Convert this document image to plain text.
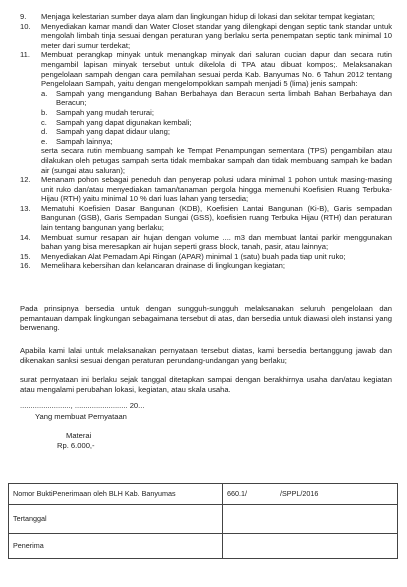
9.	Menjaga kelestarian sumber daya alam dan lingkungan hidup di lokasi dan sekitar tempat kegiatan;
10.	Menyediakan kamar mandi dan Water Closet standar yang dilengkapi dengan septic tank standar untuk mengolah limbah tinja sesuai dengan peraturan yang berlaku serta penempatan septic tank minimal 10 meter dari sumur terdekat;
11.	Membuat perangkap minyak untuk menangkap minyak dari saluran cucian dapur dan secara rutin mengambil lapisan minyak tersebut untuk dikelola di TPA atau dibuat kompos;. Melaksanakan pengelolaan sampah dengan cara pemilahan sesuai perda Kab. Banyumas No. 6 Tahun 2012 tentang Pengelolaan Sampah, yaitu dengan mengelompokkan sampah menjadi 5 (lima) jenis sampah:
a.	Sampah yang mengandung Bahan Berbahaya dan Beracun serta limbah Bahan Berbahaya dan Beracun;
b.	Sampah yang mudah terurai;
c.	Sampah yang dapat digunakan kembali;
d.	Sampah yang dapat didaur ulang;
e.	Sampah lainnya;
serta secara rutin membuang sampah ke Tempat Penampungan sementara (TPS) pengambilan atau dilakukan oleh petugas sampah serta tidak membakar sampah dan tidak membuang sampah ke badan air (sungai atau saluran);
12.	Menanam pohon sebagai peneduh dan penyerap polusi udara minimal 1 pohon untuk masing-masing unit ruko dan/atau menyediakan taman/tanaman pergola hingga memenuhi Koefisien Ruang Terbuka-Hijau (RTH) yaitu minimal 10 % dari luas lahan yang tersedia;
13.	Mematuhi Koefisien Dasar Bangunan (KDB), Koefisien Lantai Bangunan (Ki-B), Garis sempadan Bangunan (GSB), Garis Sempadan Sungai (GSS), koefisien ruang Terbuka Hijau (RTH) dan peraturan lain tentang bangunan yang berlaku;
14.	Membuat sumur resapan air hujan dengan volume .... m3 dan membuat lantai parkir menggunakan bahan yang bisa meresapkan air hujan seperti grass block, tanah, pasir, atau lainnya;
15.	Menyediakan Alat Pemadam Api Ringan (APAR) minimal 1 (satu) buah pada tiap unit ruko;
16.	Memelihara kebersihan dan kelancaran drainase di lingkungan kegiatan;
Pada prinsipnya bersedia untuk dengan sungguh-sungguh melaksanakan seluruh pengelolaan dan pemantauan dampak lingkungan sebagaimana tersebut di atas, dan bersedia untuk diawasi oleh instansi yang berwenang.
Apabila kami lalai untuk melaksanakan pernyataan tersebut diatas, kami bersedia bertanggung jawab dan dikenakan sanksi sesuai dengan peraturan perundang-undangan yang berlaku;
surat pernyataan ini berlaku sejak tanggal ditetapkan sampai dengan berakhirnya usaha dan/atau kegiatan atau mengalami perubahan lokasi, kegiatan, atau skala usaha.
........................, ......................... 20...
Yang membuat Pernyataan
Materai
Rp. 6.000,-
Nomor BuktiPenerimaan oleh BLH Kab. Banyumas	660.1/	/SPPL/2016
Tertanggal		
Penerima		
